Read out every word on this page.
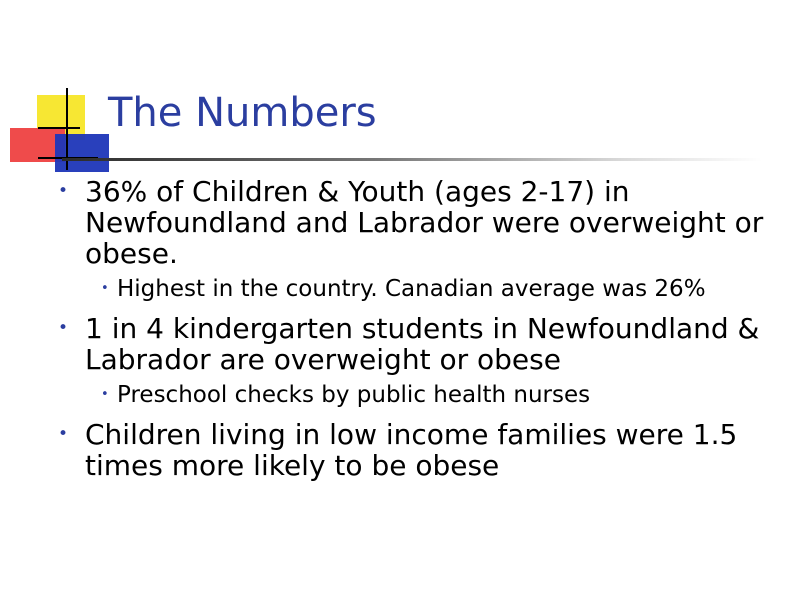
The Numbers
• 36% of Children & Youth (ages 2-17) in Newfoundland and Labrador were overweight or obese.
• Highest in the country. Canadian average was 26%
• 1 in 4 kindergarten students in Newfoundland & Labrador are overweight or obese
• Preschool checks by public health nurses
• Children living in low income families were 1.5 times more likely to be obese
